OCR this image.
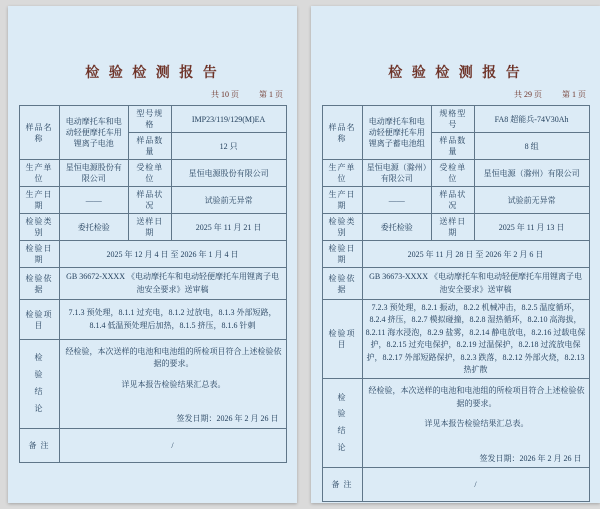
检 验 检 测 报 告
共 10 页	第 1 页
样品名称	电动摩托车和电动轻便摩托车用锂离子电池	型号规格	IMP23/119/129(M)EA
		样品数量	12 只
生产单位	星恒电源股份有限公司	受检单位	星恒电源股份有限公司
生产日期	——	样品状况	试验前无异常
检验类别	委托检验	送样日期	2025 年 11 月 21 日
检验日期	2025 年 12 月 4 日 至 2026 年 1 月 4 日		
检验依据	GB 36672-XXXX 《电动摩托车和电动轻便摩托车用锂离子电池安全要求》送审稿		
检验项目	7.1.3 预处理，8.1.1 过充电，8.1.2 过放电，8.1.3 外部短路，8.1.4 低温预处理后加热，8.1.5 挤压，8.1.6 针刺		

检验结论	经检验，本次送样的电池和电池组的所检项目符合上述检验依据的要求。
详见本报告检验结果汇总表。
签发日期：2026 年 2 月 26 日		

备 注	/		
检 验 检 测 报 告
共 29 页	第 1 页
样品名称	电动摩托车和电动轻便摩托车用锂离子蓄电池组	规格型号	FA8 超能兵-74V30Ah
		样品数量	8 组
生产单位	星恒电源（滁州）有限公司	受检单位	星恒电源（滁州）有限公司
生产日期	——	样品状况	试验前无异常
检验类别	委托检验	送样日期	2025 年 11 月 13 日
检验日期	2025 年 11 月 28 日 至 2026 年 2 月 6 日		
检验依据	GB 36673-XXXX 《电动摩托车和电动轻便摩托车用锂离子电池安全要求》送审稿		
检验项目	7.2.3 预处理，8.2.1 振动，8.2.2 机械冲击，8.2.5 温度循环，8.2.4 挤压，8.2.7 模拟碰撞，8.2.8 湿热循环，8.2.10 高海拔，8.2.11 海水浸泡，8.2.9 盐雾，8.2.14 静电放电，8.2.16 过载电保护，8.2.15 过充电保护，8.2.19 过温保护，8.2.18 过流放电保护，8.2.17 外部短路保护，8.2.3 跌落，8.2.12 外部火烧，8.2.13 热扩散		

检验结论	经检验，本次送样的电池和电池组的所检项目符合上述检验依据的要求。
详见本报告检验结果汇总表。
签发日期：2026 年 2 月 26 日		

备 注	/		
